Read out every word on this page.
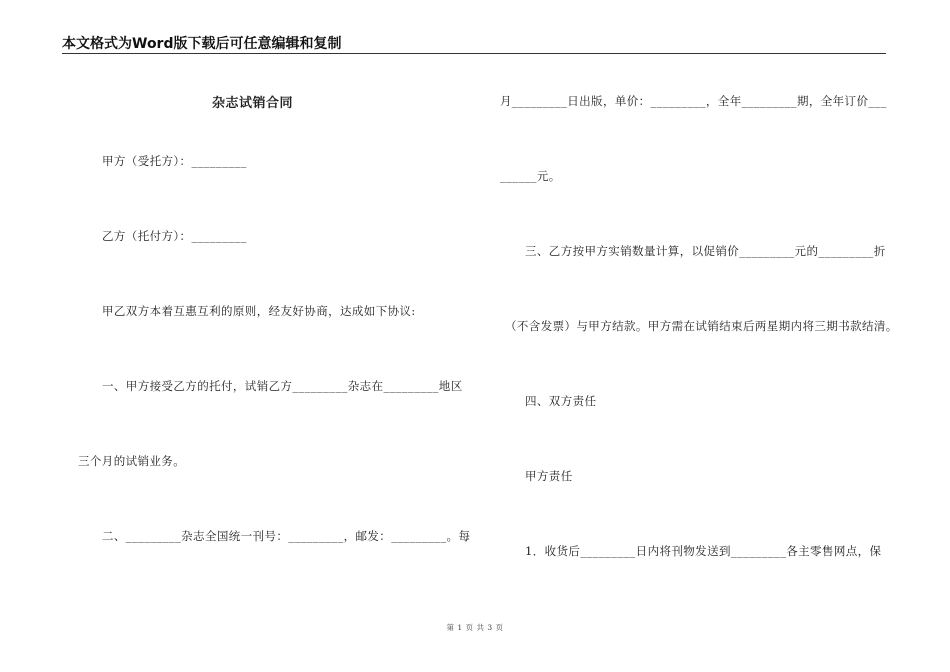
本文格式为Word版下载后可任意编辑和复制
杂志试销合同
甲方（受托方）：_________
乙方（托付方）：_________
甲乙双方本着互惠互利的原则，经友好协商，达成如下协议:
一、甲方接受乙方的托付，试销乙方_________杂志在_________地区
三个月的试销业务。
二、_________杂志全国统一刊号：_________，邮发：_________。每
月_________日出版，单价：_________，全年_________期，全年订价___
______元。
三、乙方按甲方实销数量计算，以促销价_________元的_________折
（不含发票）与甲方结款。甲方需在试销结束后两星期内将三期书款结清。
四、双方责任
甲方责任
1．收货后_________日内将刊物发送到_________各主零售网点，保
第 1 页 共 3 页
